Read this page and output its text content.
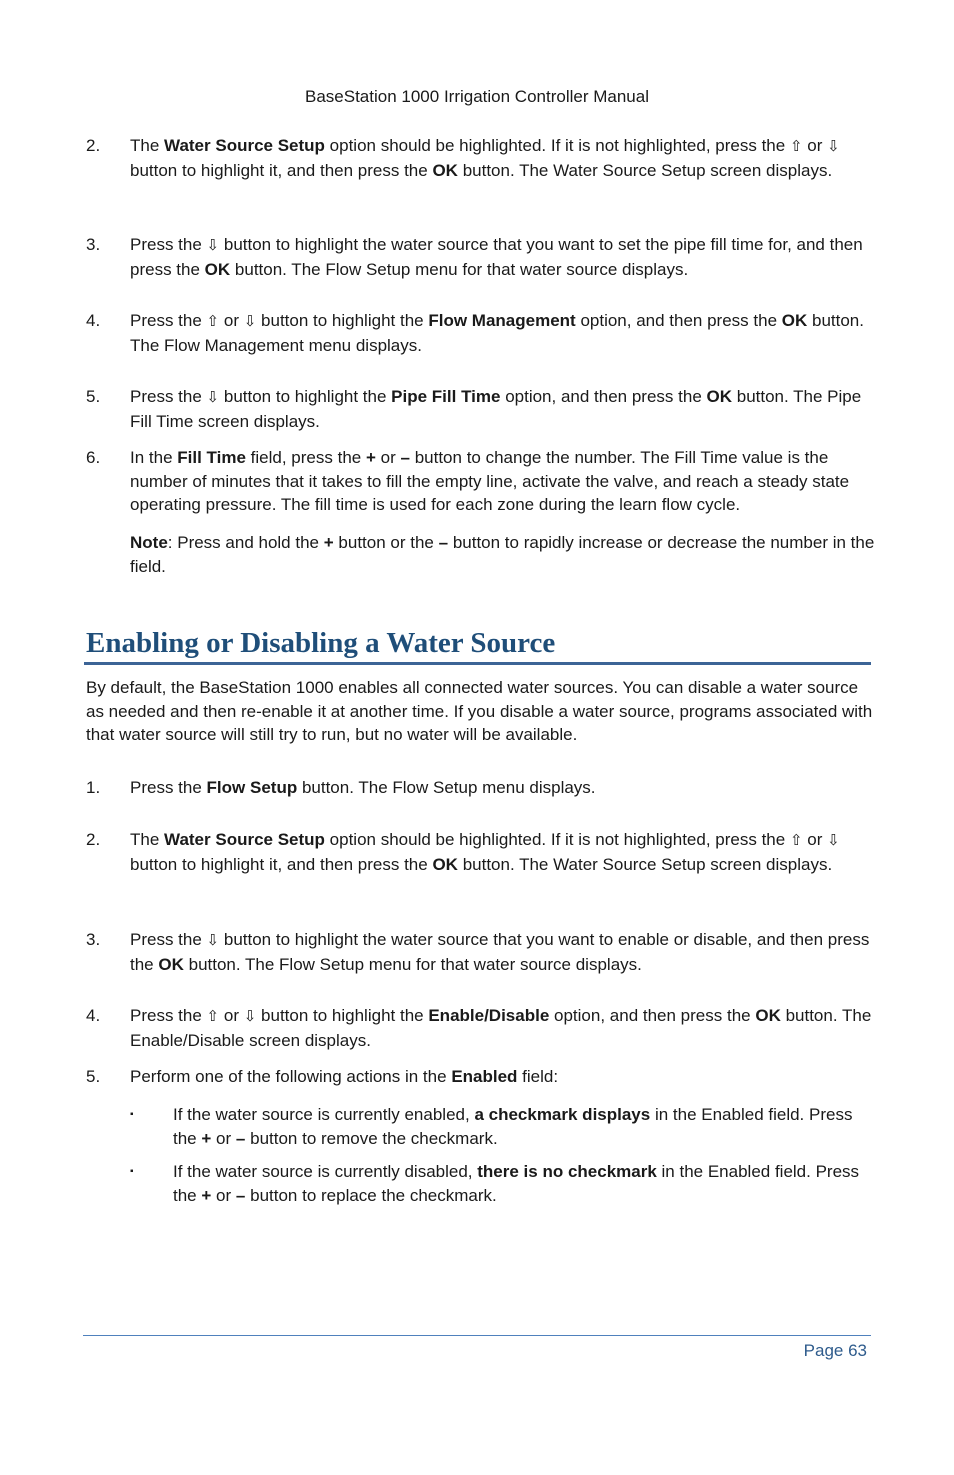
BaseStation 1000 Irrigation Controller Manual
2.	The Water Source Setup option should be highlighted. If it is not highlighted, press the ⇧ or ⇩ button to highlight it, and then press the OK button. The Water Source Setup screen displays.
3.	Press the ⇩ button to highlight the water source that you want to set the pipe fill time for, and then press the OK button. The Flow Setup menu for that water source displays.
4.	Press the ⇧ or ⇩ button to highlight the Flow Management option, and then press the OK button. The Flow Management menu displays.
5.	Press the ⇩ button to highlight the Pipe Fill Time option, and then press the OK button. The Pipe Fill Time screen displays.
6.	In the Fill Time field, press the + or – button to change the number. The Fill Time value is the number of minutes that it takes to fill the empty line, activate the valve, and reach a steady state operating pressure. The fill time is used for each zone during the learn flow cycle.
Note: Press and hold the + button or the – button to rapidly increase or decrease the number in the field.
Enabling or Disabling a Water Source
By default, the BaseStation 1000 enables all connected water sources. You can disable a water source as needed and then re-enable it at another time. If you disable a water source, programs associated with that water source will still try to run, but no water will be available.
1.	Press the Flow Setup button. The Flow Setup menu displays.
2.	The Water Source Setup option should be highlighted. If it is not highlighted, press the ⇧ or ⇩ button to highlight it, and then press the OK button. The Water Source Setup screen displays.
3.	Press the ⇩ button to highlight the water source that you want to enable or disable, and then press the OK button. The Flow Setup menu for that water source displays.
4.	Press the ⇧ or ⇩ button to highlight the Enable/Disable option, and then press the OK button. The Enable/Disable screen displays.
5.	Perform one of the following actions in the Enabled field:
▪ If the water source is currently enabled, a checkmark displays in the Enabled field. Press the + or – button to remove the checkmark.
▪ If the water source is currently disabled, there is no checkmark in the Enabled field. Press the + or – button to replace the checkmark.
Page 63
